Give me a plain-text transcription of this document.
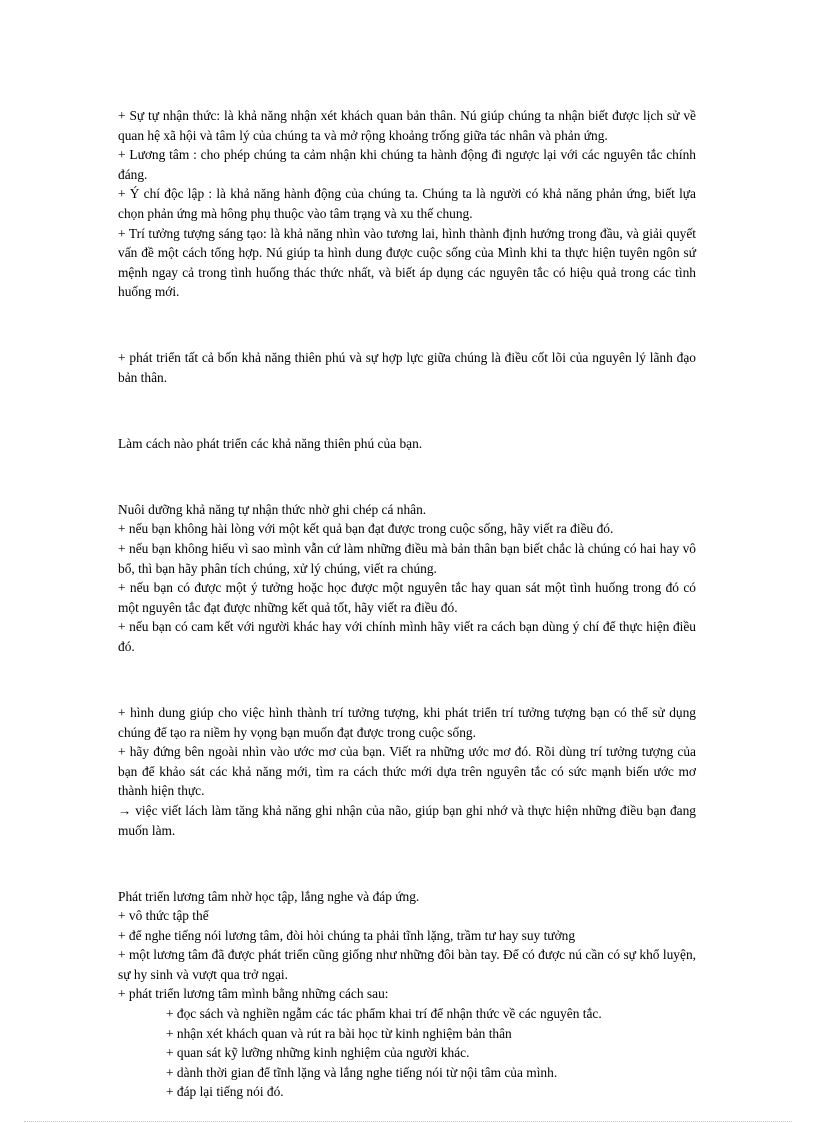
+ Sự tự nhận thức: là khả năng nhận xét khách quan bản thân. Nú giúp chúng ta nhận biết được lịch sử về quan hệ xã hội và tâm lý của chúng ta và mở rộng khoảng trống giữa tác nhân và phản ứng.

+ Lương tâm : cho phép chúng ta cảm nhận khi chúng ta hành động đi ngược lại với các nguyên tắc chính đáng.

+ Ý chí độc lập : là khả năng hành động của chúng ta. Chúng ta là người có khả năng phản ứng, biết lựa chọn phản ứng mà hông phụ thuộc vào tâm trạng và xu thế chung.

+ Trí tưởng tượng sáng tạo: là khả năng nhìn vào tương lai, hình thành định hướng trong đầu, và giải quyết vấn đề một cách tổng hợp. Nú giúp ta hình dung được cuộc sống của Mình khi ta thực hiện tuyên ngôn sứ mệnh ngay cả trong tình huống thác thức nhất, và biết áp dụng các nguyên tắc có hiệu quả trong các tình huống mới.

+ phát triển tất cả bốn khả năng thiên phú và sự hợp lực giữa chúng là điều cốt lõi của nguyên lý lãnh đạo bản thân.

Làm cách nào phát triển các khả năng thiên phú của bạn.

Nuôi dưỡng khả năng tự nhận thức nhờ ghi chép cá nhân.

+ nếu bạn không hài lòng với một kết quả bạn đạt được trong cuộc sống, hãy viết ra điều đó.

+ nếu bạn không hiểu vì sao mình vẫn cứ làm những điều mà bản thân bạn biết chắc là chúng có hai hay vô bổ, thì bạn hãy phân tích chúng, xử lý chúng, viết ra chúng.

+ nếu bạn có được một ý tưởng hoặc học được một nguyên tắc hay quan sát một tình huống trong đó có một nguyên tắc đạt được những kết quả tốt, hãy viết ra điều đó.

+ nếu bạn có cam kết với người khác hay với chính mình hãy viết ra cách bạn dùng ý chí để thực hiện điều đó.

+ hình dung giúp cho việc hình thành trí tưởng tượng, khi phát triển trí tưởng tượng bạn có thể sử dụng chúng để tạo ra niềm hy vọng bạn muốn đạt được trong cuộc sống.

+ hãy đứng bên ngoài nhìn vào ước mơ của bạn. Viết ra những ước mơ đó. Rồi dùng trí tưởng tượng của bạn để khảo sát các khả năng mới, tìm ra cách thức mới dựa trên nguyên tắc có sức mạnh biến ước mơ thành hiện thực.

→ việc viết lách làm tăng khả năng ghi nhận của não, giúp bạn ghi nhớ và thực hiện những điều bạn đang muốn làm.

Phát triển lương tâm nhờ học tập, lắng nghe và đáp ứng.

+ vô thức tập thể

+ để nghe tiếng nói lương tâm, đòi hỏi chúng ta phải tĩnh lặng, trầm tư hay suy tưởng

+ một lương tâm đã được phát triển cũng giống như những đôi bàn tay. Để có được nú cần có sự khổ luyện, sự hy sinh và vượt qua trở ngại.

+ phát triển lương tâm mình bằng những cách sau:

+ đọc sách và nghiền ngẫm các tác phẩm khai trí để nhận thức về các nguyên tắc.

+ nhận xét khách quan và rút ra bài học từ kinh nghiệm bản thân

+ quan sát kỹ lưỡng những kinh nghiệm của người khác.

+ dành thời gian để tĩnh lặng và lắng nghe tiếng nói từ nội tâm của mình.

+ đáp lại tiếng nói đó.
